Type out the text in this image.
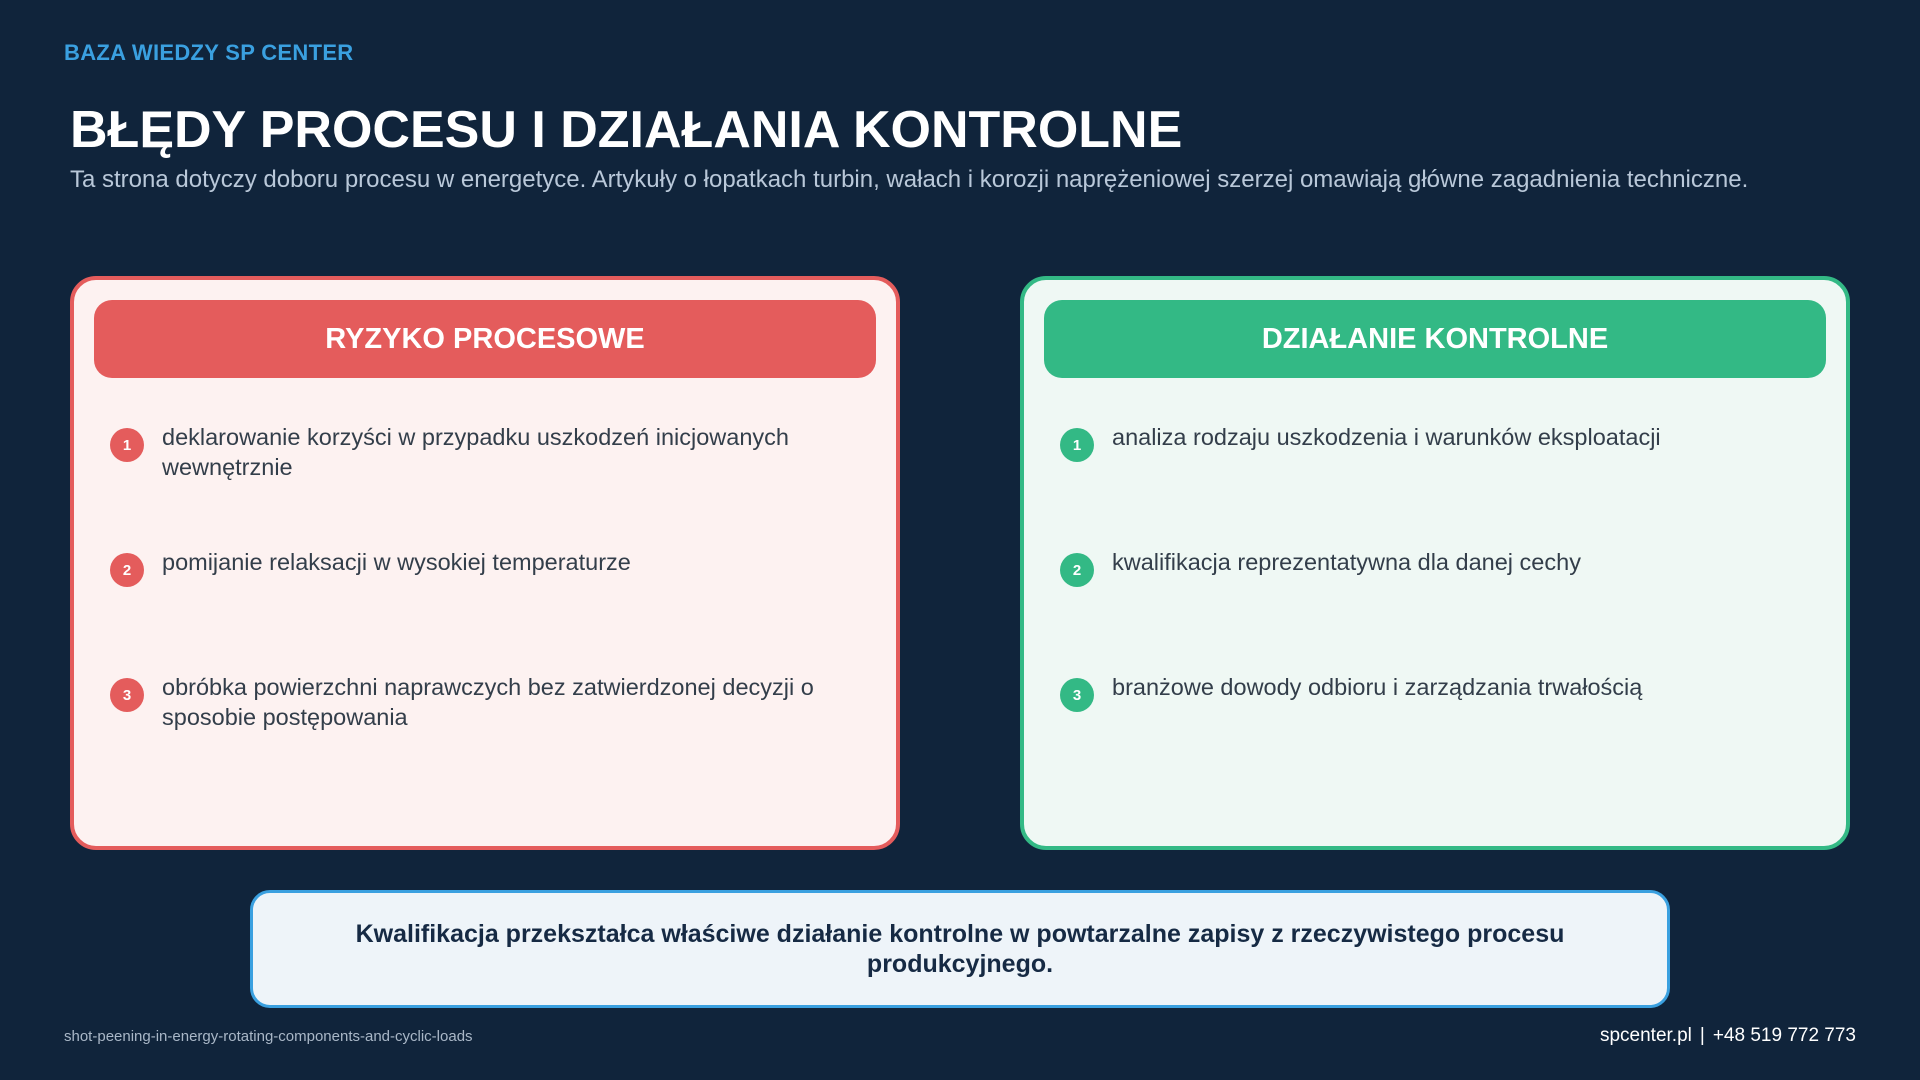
BAZA WIEDZY SP CENTER
BŁĘDY PROCESU I DZIAŁANIA KONTROLNE

Ta strona dotyczy doboru procesu w energetyce. Artykuły o łopatkach turbin, wałach i korozji naprężeniowej szerzej omawiają główne zagadnienia techniczne.

RYZYKO PROCESOWE
1	deklarowanie korzyści w przypadku uszkodzeń inicjowanych wewnętrznie
2	pomijanie relaksacji w wysokiej temperaturze
3	obróbka powierzchni naprawczych bez zatwierdzonej decyzji o sposobie postępowania
DZIAŁANIE KONTROLNE
1	analiza rodzaju uszkodzenia i warunków eksploatacji
2	kwalifikacja reprezentatywna dla danej cechy
3	branżowe dowody odbioru i zarządzania trwałością
Kwalifikacja przekształca właściwe działanie kontrolne w powtarzalne zapisy z rzeczywistego procesu produkcyjnego.
shot-peening-in-energy-rotating-components-and-cyclic-loads	spcenter.pl | +48 519 772 773
